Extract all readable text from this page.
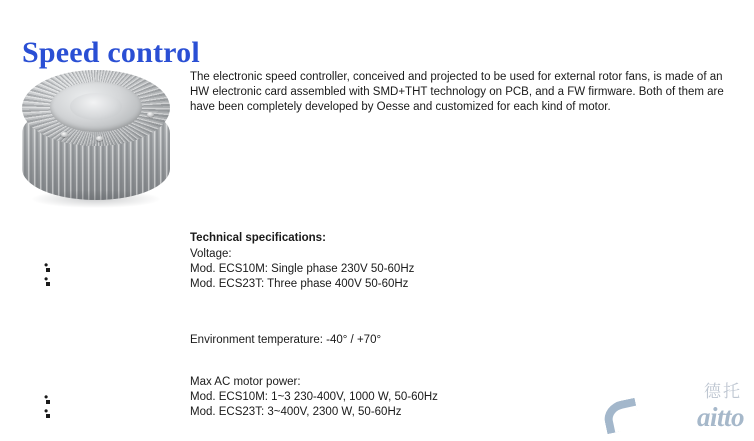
Speed control
The electronic speed controller, conceived and projected to be used for external rotor fans, is made of an HW electronic card assembled with SMD+THT technology on PCB, and a FW firmware. Both of them are have been completely developed by Oesse and customized for each kind of motor.

Technical specifications:

Voltage:

Mod. ECS10M: Single phase 230V 50-60Hz

Mod. ECS23T: Three phase 400V 50-60Hz

Environment temperature: -40° / +70°

Max AC motor power:

Mod. ECS10M: 1~3 230-400V, 1000 W, 50-60Hz

Mod. ECS23T: 3~400V, 2300 W, 50-60Hz

德托
aitto
